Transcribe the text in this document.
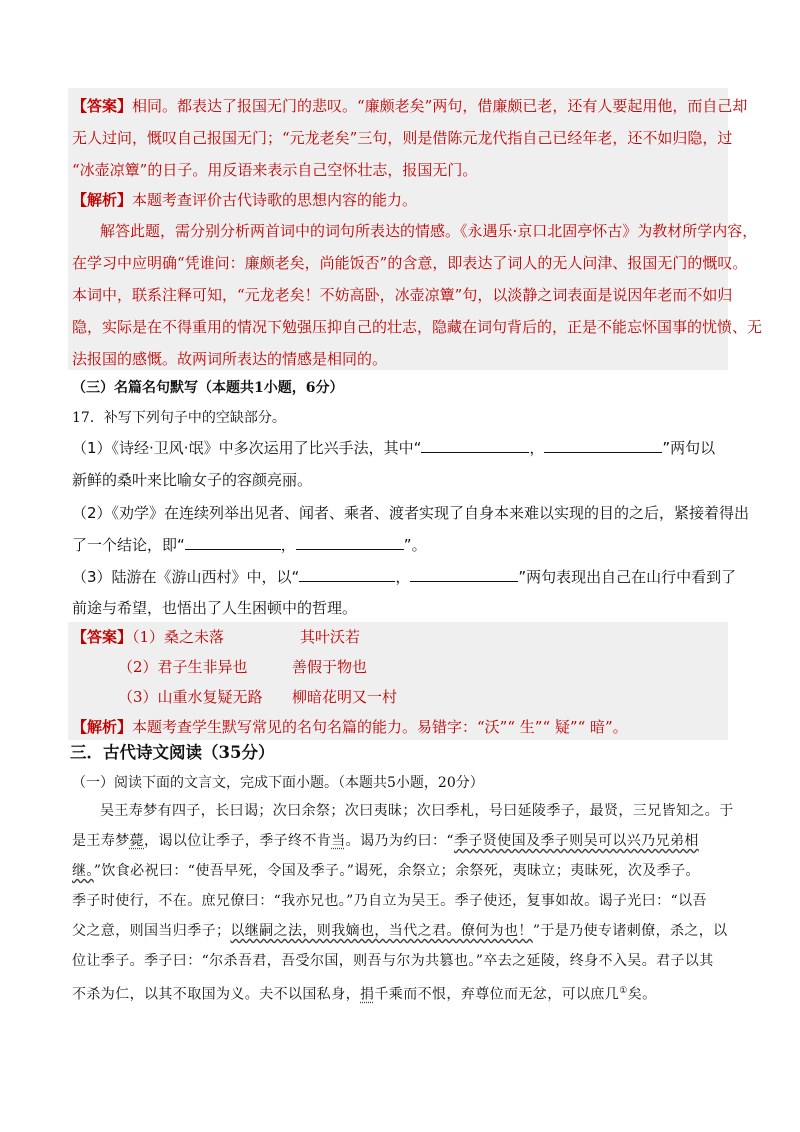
【答案】相同。都表达了报国无门的悲叹。“廉颇老矣”两句，借廉颇已老，还有人要起用他，而自己却
无人过问，慨叹自己报国无门；“元龙老矣”三句，则是借陈元龙代指自己已经年老，还不如归隐，过
“冰壶凉簟”的日子。用反语来表示自己空怀壮志，报国无门。
【解析】本题考查评价古代诗歌的思想内容的能力。
解答此题，需分别分析两首词中的词句所表达的情感。《永遇乐·京口北固亭怀古》为教材所学内容，
在学习中应明确“凭谁问：廉颇老矣，尚能饭否”的含意，即表达了词人的无人问津、报国无门的慨叹。
本词中，联系注释可知，“元龙老矣！不妨高卧，冰壶凉簟”句，以淡静之词表面是说因年老而不如归
隐，实际是在不得重用的情况下勉强压抑自己的壮志，隐藏在词句背后的，正是不能忘怀国事的忧愤、无
法报国的感慨。故两词所表达的情感是相同的。
（三）名篇名句默写（本题共1小题，6分）
17．补写下列句子中的空缺部分。
（1）《诗经·卫风·氓》中多次运用了比兴手法，其中“	，	”两句以
新鲜的桑叶来比喻女子的容颜亮丽。
（2）《劝学》在连续列举出见者、闻者、乘者、渡者实现了自身本来难以实现的目的之后，紧接着得出
了一个结论，即“	，	”。
（3）陆游在《游山西村》中，以“	，	”两句表现出自己在山行中看到了
前途与希望，也悟出了人生困顿中的哲理。
【答案】（1）桑之未落	其叶沃若
（2）君子生非异也	善假于物也
（3）山重水复疑无路 柳暗花明又一村
【解析】本题考查学生默写常见的名句名篇的能力。易错字：“沃”“ 生”“ 疑”“ 暗”。
三．古代诗文阅读（35分）
（一）阅读下面的文言文，完成下面小题。（本题共5小题，20分）
吴王寿梦有四子，长曰谒；次曰余祭；次曰夷昧；次曰季札，号曰延陵季子，最贤，三兄皆知之。于
是王寿梦薨，谒以位让季子，季子终不肯当。谒乃为约曰：“季子贤使国及季子则吴可以兴乃兄弟相
继。”饮食必祝曰：“使吾早死，令国及季子。”谒死，余祭立；余祭死，夷昧立；夷昧死，次及季子。
季子时使行，不在。庶兄僚曰：“我亦兄也。”乃自立为吴王。季子使还，复事如故。谒子光曰：“以吾
父之意，则国当归季子；以继嗣之法，则我嫡也，当代之君。僚何为也！”于是乃使专诸刺僚，杀之，以
位让季子。季子曰：“尔杀吾君，吾受尔国，则吾与尔为共篡也。”卒去之延陵，终身不入吴。君子以其
不杀为仁，以其不取国为义。夫不以国私身，捐千乘而不恨，弃尊位而无忿，可以庶几①矣。
